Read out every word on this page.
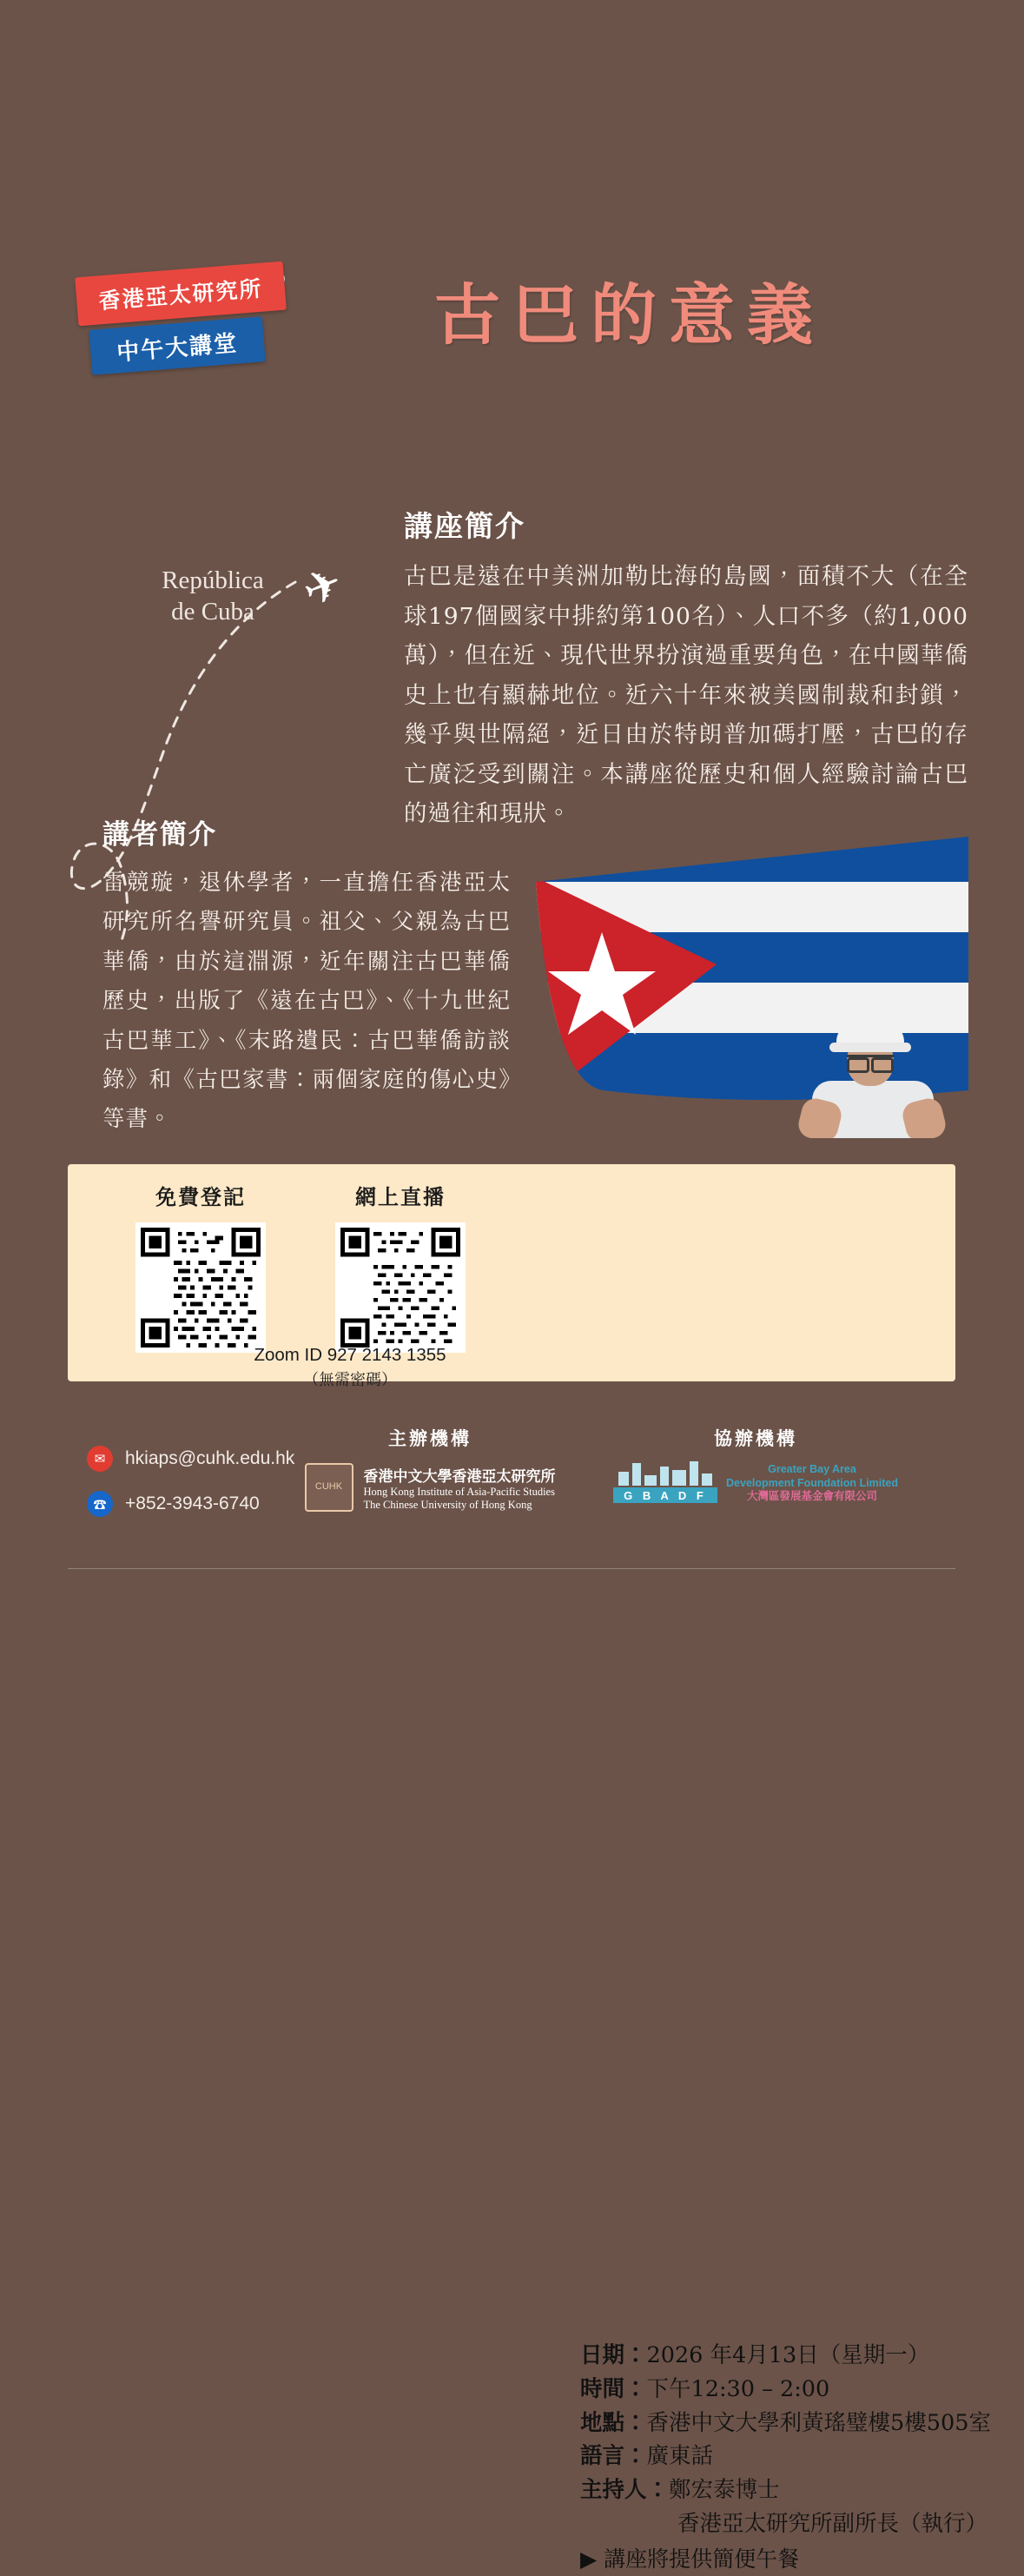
香港亞太研究所
中午大講堂	古巴的意義
República
de Cuba ✈
講座簡介
古巴是遠在中美洲加勒比海的島國，面積不大（在全球197個國家中排約第100名）、人口不多（約1,000萬），但在近、現代世界扮演過重要角色，在中國華僑史上也有顯赫地位。近六十年來被美國制裁和封鎖，幾乎與世隔絕，近日由於特朗普加碼打壓，古巴的存亡廣泛受到關注。本講座從歷史和個人經驗討論古巴的過往和現狀。
講者簡介
雷競璇，退休學者，一直擔任香港亞太研究所名譽研究員。祖父、父親為古巴華僑，由於這淵源，近年關注古巴華僑歷史，出版了《遠在古巴》、《十九世紀古巴華工》、《末路遺民：古巴華僑訪談錄》和《古巴家書：兩個家庭的傷心史》等書。
免費登記	網上直播
日期：2026 年4月13日（星期一）
時間：下午12:30 – 2:00
地點：香港中文大學利黃瑤璧樓5樓505室
語言：廣東話
主持人：鄭宏泰博士
香港亞太研究所副所長（執行）
▶ 講座將提供簡便午餐
Zoom ID 927 2143 1355
（無需密碼）
✉	hkiaps@cuhk.edu.hk
☎	+852-3943-6740
主辦機構
CUHK
香港中文大學香港亞太研究所
Hong Kong Institute of Asia-Pacific Studies
The Chinese University of Hong Kong
協辦機構
G B A D F
Greater Bay Area
Development Foundation Limited
大灣區發展基金會有限公司
